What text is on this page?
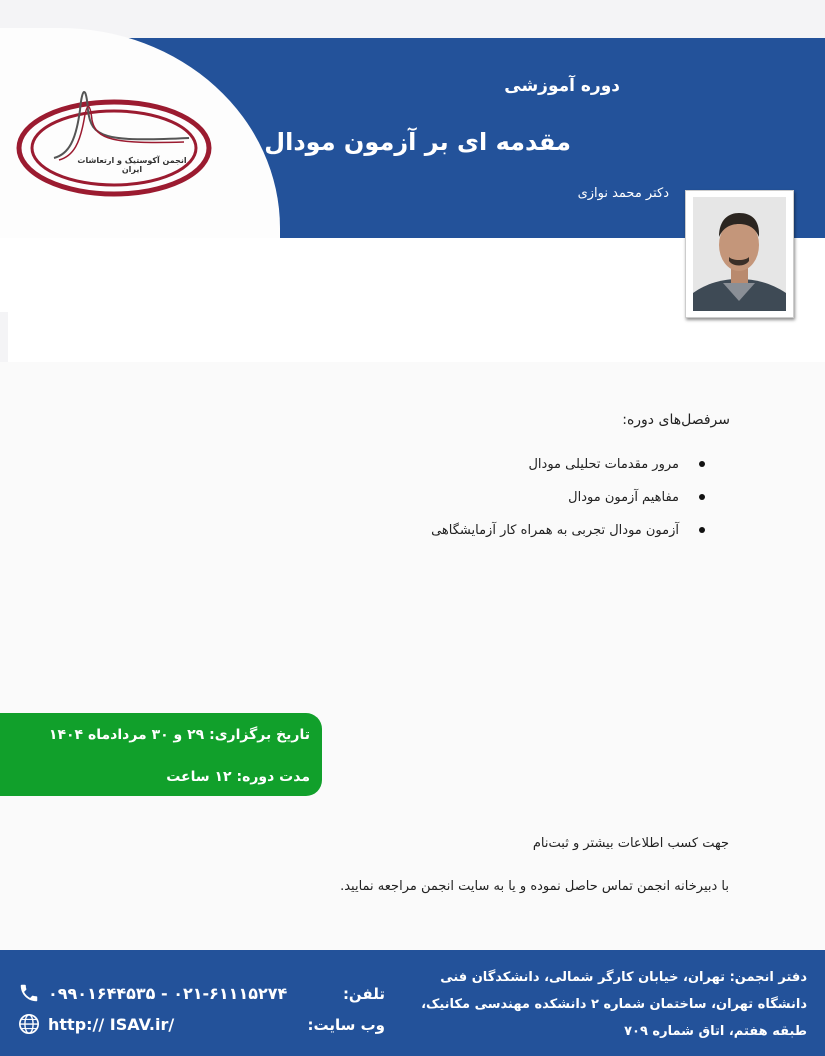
انجمن آکوستیک و ارتعاشات ایران
دوره آموزشی
مقدمه ای بر آزمون مودال
دکتر محمد نوازی
سرفصل‌های دوره:
مرور مقدمات تحلیلی مودال
مفاهیم آزمون مودال
آزمون مودال تجربی به همراه کار آزمایشگاهی
تاریخ برگزاری: ۲۹ و ۳۰ مردادماه ۱۴۰۴
مدت دوره: ۱۲ ساعت
جهت کسب اطلاعات بیشتر و ثبت‌نام
با دبیرخانه انجمن تماس حاصل نموده و یا به سایت انجمن مراجعه نمایید.
دفتر انجمن: تهران، خیابان کارگر شمالی، دانشکدگان فنی
دانشگاه تهران، ساختمان شماره ۲ دانشکده مهندسی مکانیک،
طبقه هفتم، اتاق شماره ۷۰۹
تلفن:
۰۹۹۰۱۶۴۴۵۳۵ - ۰۲۱-۶۱۱۱۵۲۷۴
وب سایت:
http:// ISAV.ir/
